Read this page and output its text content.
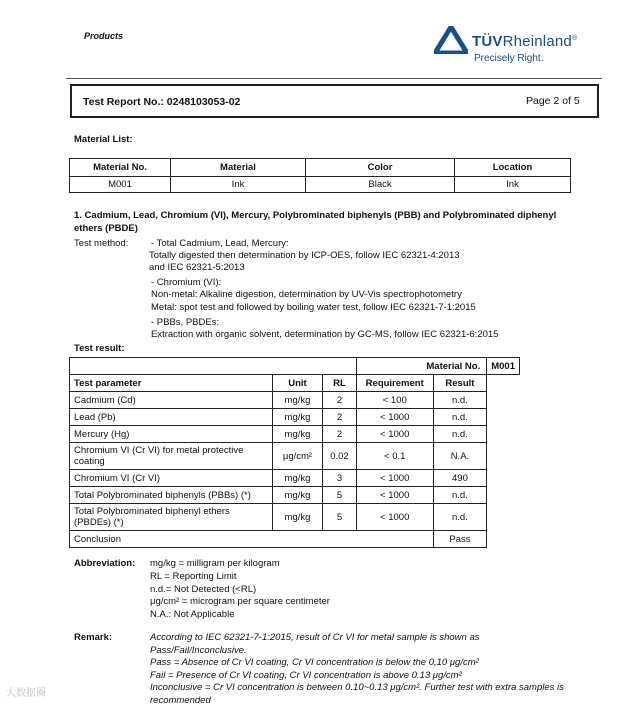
Products	TÜVRheinland®
Precisely Right.
Test Report No.: 0248103053-02	Page 2 of 5
Material List:
Material No.	Material	Color	Location
M001	Ink	Black	Ink
1. Cadmium, Lead, Chromium (VI), Mercury, Polybrominated biphenyls (PBB) and Polybrominated diphenyl ethers (PBDE)
Test method: - Total Cadmium, Lead, Mercury:
Totally digested then determination by ICP-OES, follow IEC 62321-4:2013
and IEC 62321-5:2013
- Chromium (VI):
Non-metal: Alkaline digestion, determination by UV-Vis spectrophotometry
Metal: spot test and followed by boiling water test, follow IEC 62321-7-1:2015
- PBBs, PBDEs:
Extraction with organic solvent, determination by GC-MS, follow IEC 62321-6:2015
Test result:
			Material No.		M001
Test parameter	Unit	RL	Requirement	Result	
Cadmium (Cd)	mg/kg	2	< 100	n.d.	
Lead (Pb)	mg/kg	2	< 1000	n.d.	
Mercury (Hg)	mg/kg	2	< 1000	n.d.	
Chromium VI (Cr VI) for metal protective coating	μg/cm²	0.02	< 0.1	N.A.	
Chromium VI (Cr VI)	mg/kg	3	< 1000	490	
Total Polybrominated biphenyls (PBBs) (*)	mg/kg	5	< 1000	n.d.	
Total Polybrominated biphenyl ethers (PBDEs) (*)	mg/kg	5	< 1000	n.d.	
Conclusion				Pass	
Abbreviation: mg/kg = milligram per kilogram
RL = Reporting Limit
n.d.= Not Detected (<RL)
μg/cm² = microgram per square centimeter
N.A.: Not Applicable
Remark:	According to IEC 62321-7-1:2015, result of Cr VI for metal sample is shown as Pass/Fail/Inconclusive.
Pass = Absence of Cr VI coating, Cr VI concentration is below the 0,10 μg/cm²
Fail = Presence of Cr VI coating, Cr VI concentration is above 0.13 μg/cm²
Inconclusive = Cr VI concentration is between 0.10~0.13 μg/cm². Further test with extra samples is recommended
大数据圈
